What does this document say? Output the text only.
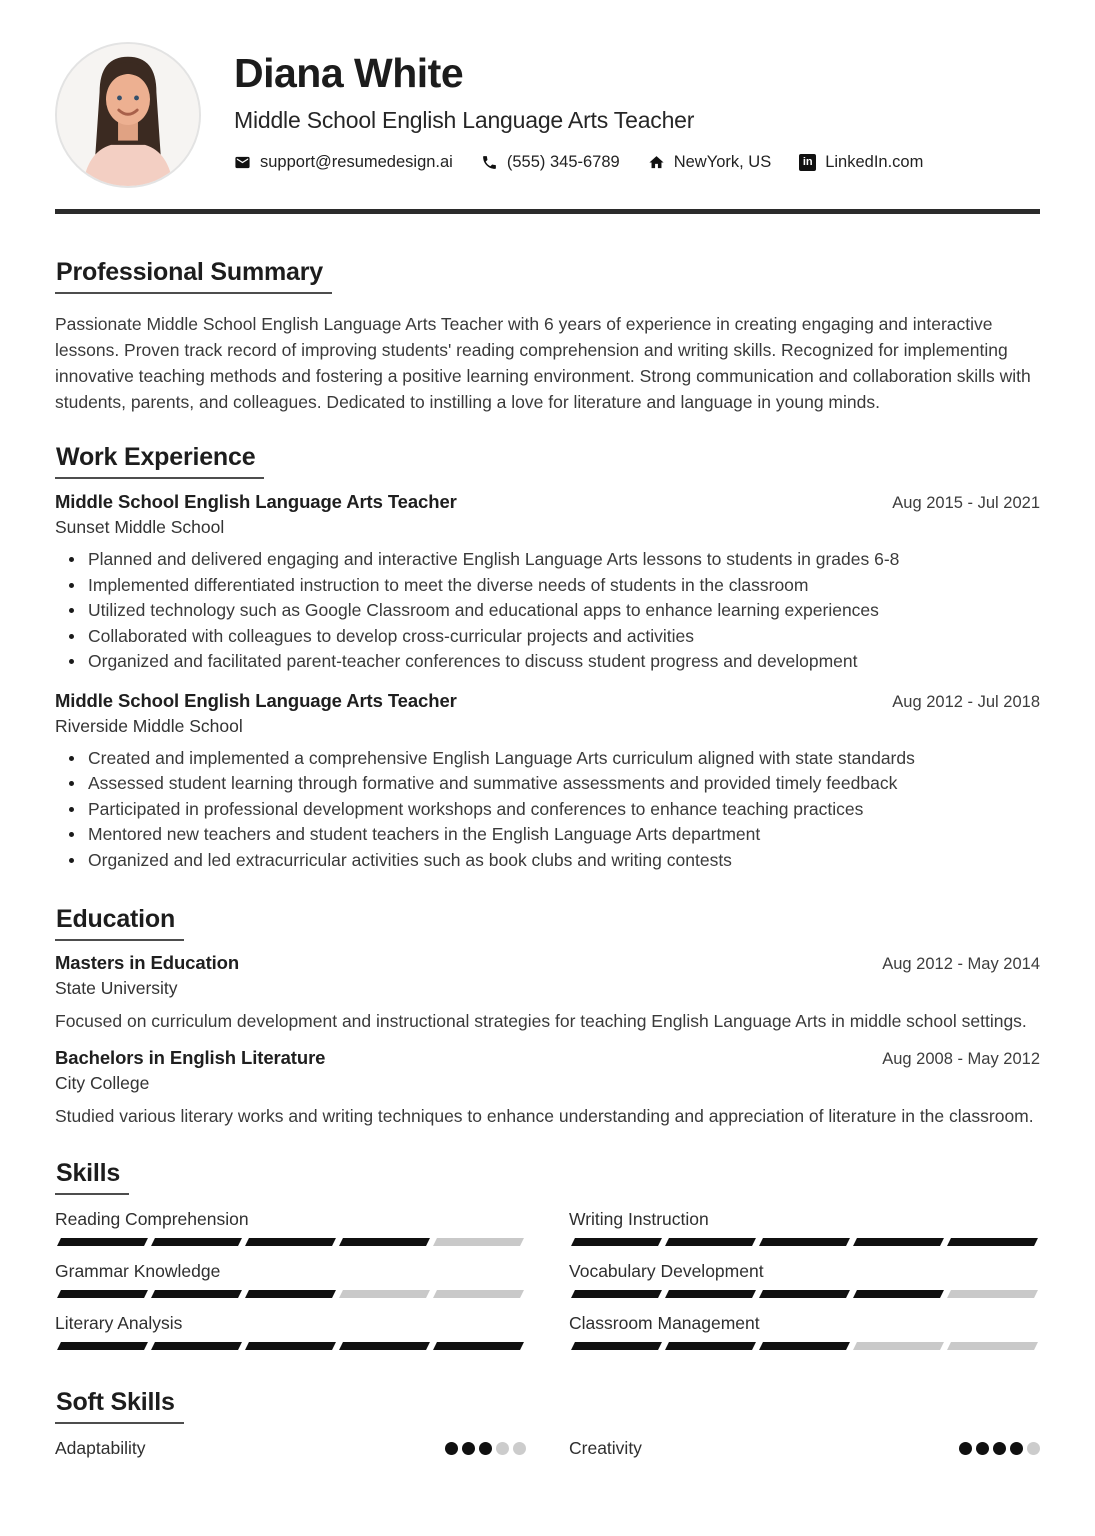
Diana White
Middle School English Language Arts Teacher
support@resumedesign.ai	(555) 345-6789	NewYork, US	in LinkedIn.com
Professional Summary

Passionate Middle School English Language Arts Teacher with 6 years of experience in creating engaging and interactive lessons. Proven track record of improving students' reading comprehension and writing skills. Recognized for implementing innovative teaching methods and fostering a positive learning environment. Strong communication and collaboration skills with students, parents, and colleagues. Dedicated to instilling a love for literature and language in young minds.

Work Experience
Middle School English Language Arts Teacher	Aug 2015 - Jul 2021
Sunset Middle School
Planned and delivered engaging and interactive English Language Arts lessons to students in grades 6-8
Implemented differentiated instruction to meet the diverse needs of students in the classroom
Utilized technology such as Google Classroom and educational apps to enhance learning experiences
Collaborated with colleagues to develop cross-curricular projects and activities
Organized and facilitated parent-teacher conferences to discuss student progress and development
Middle School English Language Arts Teacher	Aug 2012 - Jul 2018
Riverside Middle School
Created and implemented a comprehensive English Language Arts curriculum aligned with state standards
Assessed student learning through formative and summative assessments and provided timely feedback
Participated in professional development workshops and conferences to enhance teaching practices
Mentored new teachers and student teachers in the English Language Arts department
Organized and led extracurricular activities such as book clubs and writing contests
Education
Masters in Education	Aug 2012 - May 2014
State University

Focused on curriculum development and instructional strategies for teaching English Language Arts in middle school settings.

Bachelors in English Literature	Aug 2008 - May 2012
City College

Studied various literary works and writing techniques to enhance understanding and appreciation of literature in the classroom.

Skills
Reading Comprehension	Writing Instruction
Grammar Knowledge	Vocabulary Development
Literary Analysis	Classroom Management
Soft Skills
Adaptability	Creativity
